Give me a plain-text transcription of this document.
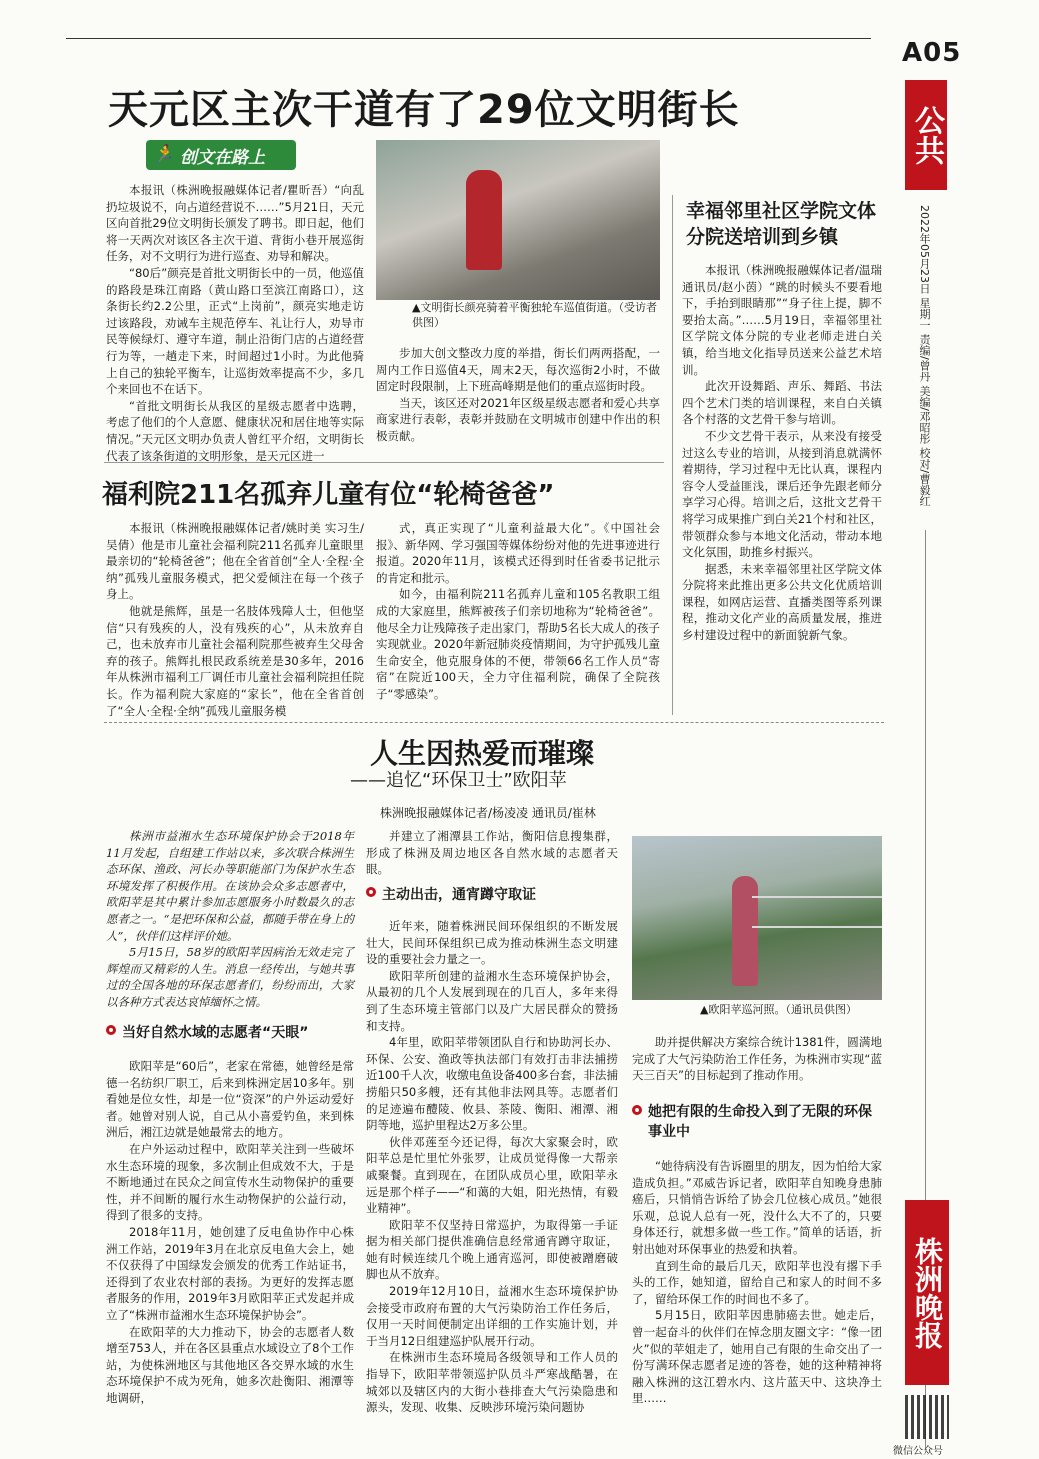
A05
公共
2022年05月23日 星期一 责编/曾丹 美编/邓昭彤 校对/曹毅红
天元区主次干道有了29位文明街长
🏃 创文在路上

本报讯（株洲晚报融媒体记者/瞿昕吾）“向乱扔垃圾说不，向占道经营说不……”5月21日，天元区向首批29位文明街长颁发了聘书。即日起，他们将一天两次对该区各主次干道、背街小巷开展巡街任务，对不文明行为进行巡查、劝导和解决。

“80后”颜亮是首批文明街长中的一员，他巡值的路段是珠江南路（黄山路口至滨江南路口），这条街长约2.2公里，正式“上岗前”，颜亮实地走访过该路段，劝诫车主规范停车、礼让行人，劝导市民等候绿灯、遵守车道，制止沿街门店的占道经营行为等，一趟走下来，时间超过1小时。为此他骑上自己的独轮平衡车，让巡街效率提高不少，多几个来回也不在话下。

“首批文明街长从我区的星级志愿者中选聘，考虑了他们的个人意愿、健康状况和居住地等实际情况。”天元区文明办负责人曾红平介绍，文明街长代表了该条街道的文明形象，是天元区进一

▲文明街长颜亮骑着平衡独轮车巡值街道。（受访者供图）

步加大创文整改力度的举措，街长们两两搭配，一周内工作日巡值4天，周末2天，每次巡街2小时，不做固定时段限制，上下班高峰期是他们的重点巡街时段。

当天，该区还对2021年区级星级志愿者和爱心共享商家进行表彰，表彰并鼓励在文明城市创建中作出的积极贡献。

幸福邻里社区学院文体分院送培训到乡镇

本报讯（株洲晚报融媒体记者/温瑞 通讯员/赵小茵）“跳的时候头不要看地下，手抬到眼睛那”“身子往上提，脚不要抬太高。”……5月19日，幸福邻里社区学院文体分院的专业老师走进白关镇，给当地文化指导员送来公益艺术培训。

此次开设舞蹈、声乐、舞蹈、书法四个艺术门类的培训课程，来自白关镇各个村落的文艺骨干参与培训。

不少文艺骨干表示，从来没有接受过这么专业的培训，从接到消息就满怀着期待，学习过程中无比认真，课程内容令人受益匪浅，课后还争先跟老师分享学习心得。培训之后，这批文艺骨干将学习成果推广到白关21个村和社区，带领群众参与本地文化活动，带动本地文化氛围，助推乡村振兴。

据悉，未来幸福邻里社区学院文体分院将来此推出更多公共文化优质培训课程，如网店运营、直播类图等系列课程，推动文化产业的高质量发展，推进乡村建设过程中的新面貌新气象。

福利院211名孤弃儿童有位“轮椅爸爸”

本报讯（株洲晚报融媒体记者/姚时美 实习生/吴倩）他是市儿童社会福利院211名孤弃儿童眼里最亲切的“轮椅爸爸”；他在全省首创“全人·全程·全纳”孤残儿童服务模式，把父爱倾注在每一个孩子身上。

他就是熊辉，虽是一名肢体残障人士，但他坚信“只有残疾的人，没有残疾的心”，从未放弃自己，也未放弃市儿童社会福利院那些被弃生父母舍弃的孩子。熊辉扎根民政系统差是30多年，2016年从株洲市福利工厂调任市儿童社会福利院担任院长。作为福利院大家庭的“家长”，他在全省首创了“全人·全程·全纳”孤残儿童服务模

式，真正实现了“儿童利益最大化”。《中国社会报》、新华网、学习强国等媒体纷纷对他的先进事迹进行报道。2020年11月，该模式还得到时任省委书记批示的肯定和批示。

如今，由福利院211名孤弃儿童和105名教职工组成的大家庭里，熊辉被孩子们亲切地称为“轮椅爸爸”。他尽全力让残障孩子走出家门，帮助5名长大成人的孩子实现就业。2020年新冠肺炎疫情期间，为守护孤残儿童生命安全，他克服身体的不便，带领66名工作人员“寄宿”在院近100天，全力守住福利院，确保了全院孩子“零感染”。

人生因热爱而璀璨
——追忆“环保卫士”欧阳苹
株洲晚报融媒体记者/杨凌凌 通讯员/崔林

株洲市益湘水生态环境保护协会于2018年11月发起，自组建工作站以来，多次联合株洲生态环保、渔政、河长办等职能部门为保护水生态环境发挥了积极作用。在该协会众多志愿者中，欧阳苹是其中累计参加志愿服务小时数最久的志愿者之一。“是把环保和公益，都随手带在身上的人”，伙伴们这样评价她。

5月15日，58岁的欧阳苹因病治无效走完了辉煌而又精彩的人生。消息一经传出，与她共事过的全国各地的环保志愿者们，纷纷而出，大家以各种方式表达哀悼缅怀之情。

当好自然水域的志愿者“天眼”

欧阳苹是“60后”，老家在常德，她曾经是常德一名纺织厂职工，后来到株洲定居10多年。别看她是位女性，却是一位“资深”的户外运动爱好者。她曾对别人说，自己从小喜爱钓鱼，来到株洲后，湘江边就是她最常去的地方。

在户外运动过程中，欧阳苹关注到一些破坏水生态环境的现象，多次制止但成效不大，于是不断地通过在民众之间宣传水生动物保护的重要性，并不间断的履行水生动物保护的公益行动，得到了很多的支持。

2018年11月，她创建了反电鱼协作中心株洲工作站，2019年3月在北京反电鱼大会上，她不仅获得了中国绿发会颁发的优秀工作站证书，还得到了农业农村部的表扬。为更好的发挥志愿者服务的作用，2019年3月欧阳苹正式发起并成立了“株洲市益湘水生态环境保护协会”。

在欧阳苹的大力推动下，协会的志愿者人数增至753人，并在各区县重点水域设立了8个工作站，为使株洲地区与其他地区各交界水域的水生态环境保护不成为死角，她多次赴衡阳、湘潭等地调研，

并建立了湘潭县工作站，衡阳信息搜集群，形成了株洲及周边地区各自然水域的志愿者天眼。

主动出击，通宵蹲守取证

近年来，随着株洲民间环保组织的不断发展壮大，民间环保组织已成为推动株洲生态文明建设的重要社会力量之一。

欧阳苹所创建的益湘水生态环境保护协会，从最初的几个人发展到现在的几百人，多年来得到了生态环境主管部门以及广大居民群众的赞扬和支持。

4年里，欧阳苹带领团队自行和协助河长办、环保、公安、渔政等执法部门有效打击非法捕捞近100千人次，收缴电鱼设备400多台套，非法捕捞船只50多艘，还有其他非法网具等。志愿者们的足迹遍布醴陵、攸县、茶陵、衡阳、湘潭、湘阴等地，巡护里程达2万多公里。

伙伴邓莲至今还记得，每次大家聚会时，欧阳苹总是忙里忙外张罗，让成员觉得像一大帮亲戚聚餐。直到现在，在团队成员心里，欧阳苹永远是那个样子——“和蔼的大姐，阳光热情，有毅业精神”。

欧阳苹不仅坚持日常巡护，为取得第一手证据为相关部门提供准确信息经常通宵蹲守取证，她有时候连续几个晚上通宵巡河，即使被蹭磨破脚也从不放弃。

2019年12月10日，益湘水生态环境保护协会接受市政府布置的大气污染防治工作任务后，仅用一天时间便制定出详细的工作实施计划，并于当月12日组建巡护队展开行动。

在株洲市生态环境局各级领导和工作人员的指导下，欧阳苹带领巡护队员斗严寒战酷暑，在城郊以及辖区内的大街小巷排查大气污染隐患和源头，发现、收集、反映涉环境污染问题协

▲欧阳苹巡河照。（通讯员供图）

助并提供解决方案综合统计1381件，圆满地完成了大气污染防治工作任务，为株洲市实现“蓝天三百天”的目标起到了推动作用。

她把有限的生命投入到了无限的环保事业中

“她待病没有告诉圈里的朋友，因为怕给大家造成负担。”邓威告诉记者，欧阳苹自知晚身患肺癌后，只悄悄告诉给了协会几位核心成员。”她很乐观，总说人总有一死，没什么大不了的，只要身体还行，就想多做一些工作。”简单的话语，折射出她对环保事业的热爱和执着。

直到生命的最后几天，欧阳苹也没有撂下手头的工作，她知道，留给自己和家人的时间不多了，留给环保工作的时间也不多了。

5月15日，欧阳苹因患肺癌去世。她走后，曾一起奋斗的伙伴们在悼念朋友圈文字：“像一团火”似的苹姐走了，她用自己有限的生命交出了一份写满环保志愿者足迹的答卷，她的这种精神将融入株洲的这江碧水内、这片蓝天中、这块净土里……

株洲晚报
微信公众号
